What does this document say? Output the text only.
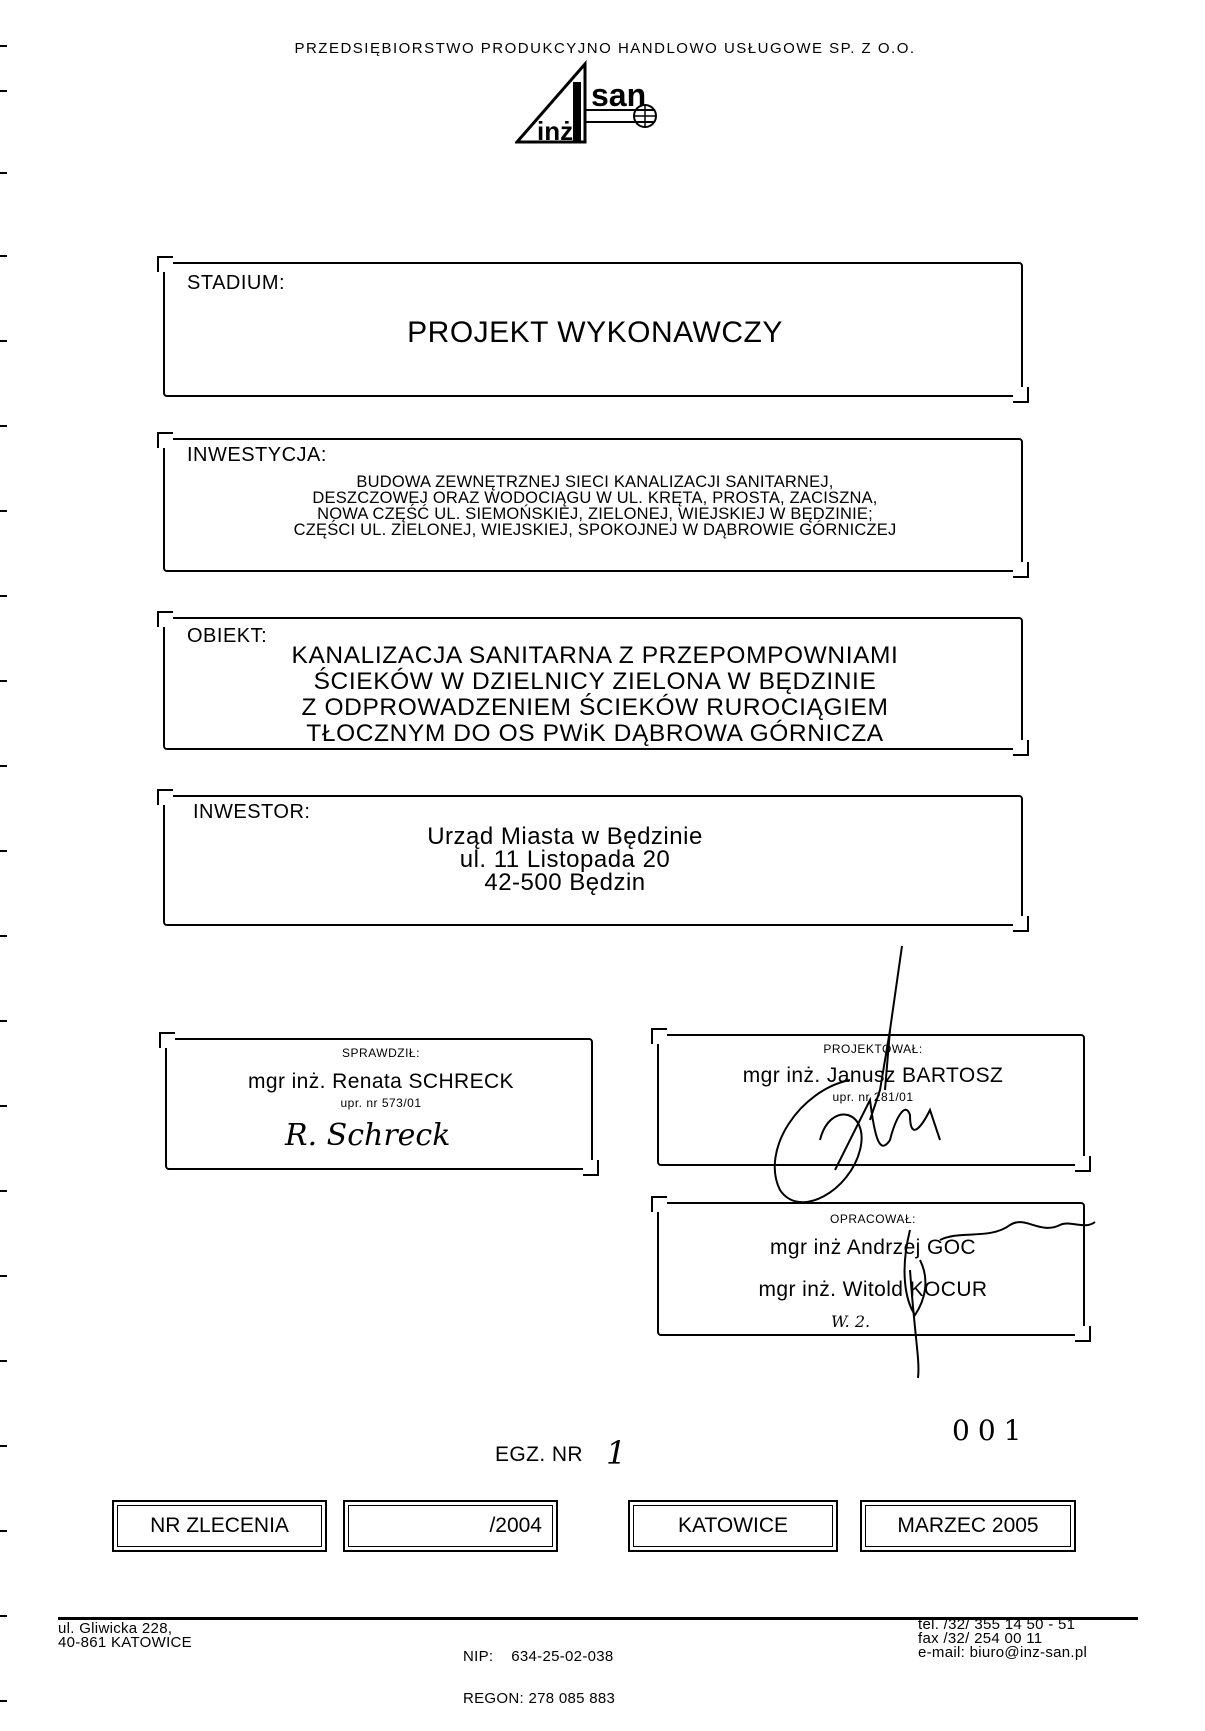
PRZEDSIĘBIORSTWO PRODUKCYJNO HANDLOWO USŁUGOWE SP. Z O.O.
san
inż
STADIUM:
PROJEKT WYKONAWCZY
INWESTYCJA:
BUDOWA ZEWNĘTRZNEJ SIECI KANALIZACJI SANITARNEJ,
DESZCZOWEJ ORAZ WODOCIĄGU W UL. KRĘTA, PROSTA, ZACISZNA,
NOWA CZĘŚĆ UL. SIEMOŃSKIEJ, ZIELONEJ, WIEJSKIEJ W BĘDZINIE;
CZĘŚCI UL. ZIELONEJ, WIEJSKIEJ, SPOKOJNEJ W DĄBROWIE GÓRNICZEJ
OBIEKT:
KANALIZACJA SANITARNA Z PRZEPOMPOWNIAMI
ŚCIEKÓW W DZIELNICY ZIELONA W BĘDZINIE
Z ODPROWADZENIEM ŚCIEKÓW RUROCIĄGIEM
TŁOCZNYM DO OS PWiK DĄBROWA GÓRNICZA
INWESTOR:
Urząd Miasta w Będzinie
ul. 11 Listopada 20
42-500 Będzin
SPRAWDZIŁ:
mgr inż. Renata SCHRECK
upr. nr 573/01
R. Schreck
PROJEKTOWAŁ:
mgr inż. Janusz BARTOSZ
upr. nr 281/01
OPRACOWAŁ:
mgr inż Andrzej GOC
mgr inż. Witold KOCUR
W. 2.
EGZ. NR 1
001
NR ZLECENIA	/2004	KATOWICE	MARZEC 2005
ul. Gliwicka 228,
40-861 KATOWICE

NIP:    634-25-02-038

REGON: 278 085 883

tel. /32/ 355 14 50 - 51
fax /32/ 254 00 11
e-mail: biuro@inz-san.pl
